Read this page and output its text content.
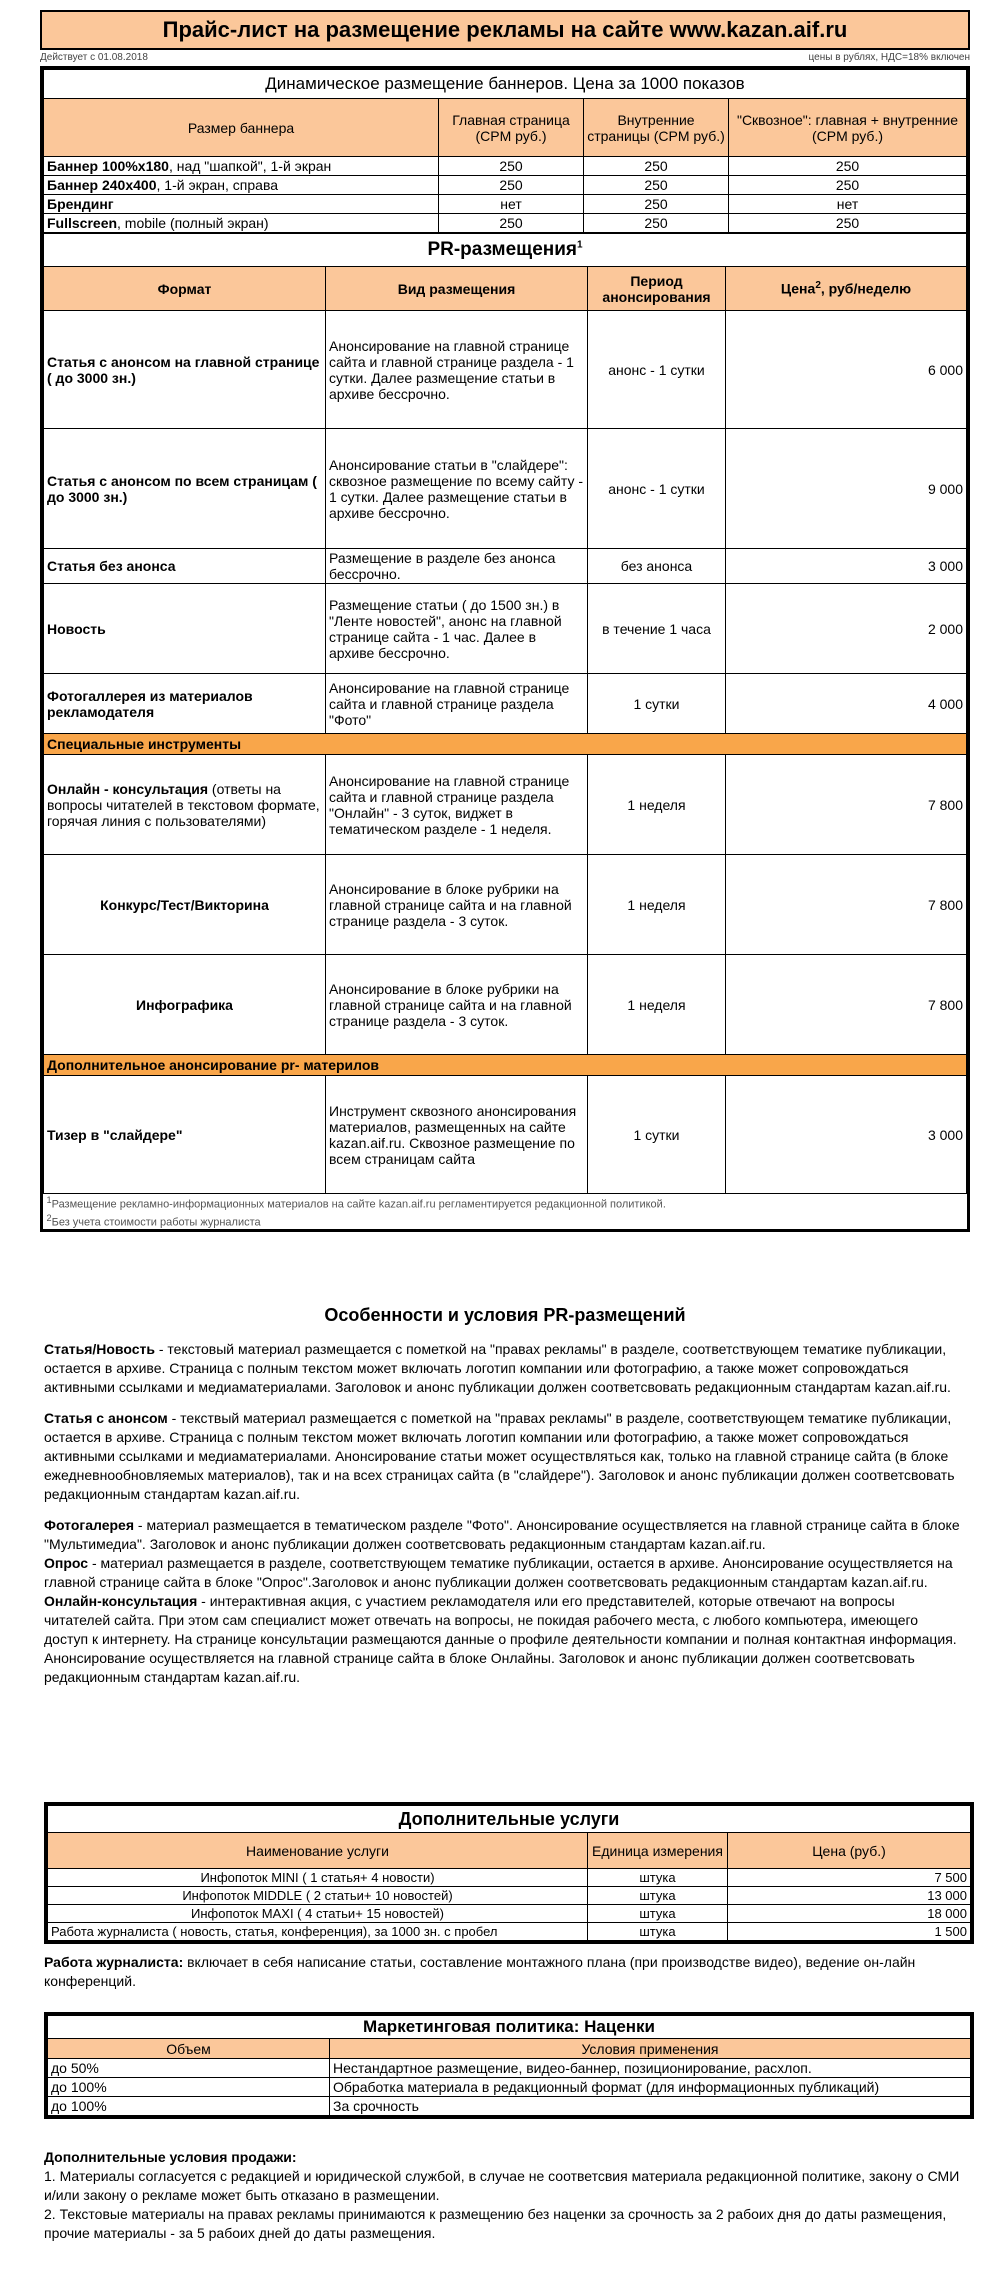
Прайс-лист на размещение рекламы на сайте www.kazan.aif.ru
Действует с 01.08.2018	цены в рублях, НДС=18% включен
Динамическое размещение баннеров. Цена за 1000 показов			
Размер баннера	Главная страница (CPM руб.)	Внутренние страницы (CPM руб.)	"Сквозное": главная + внутренние (CPM руб.)
Баннер 100%x180, над "шапкой", 1-й экран	250	250	250
Баннер 240x400, 1-й экран, справа	250	250	250
Брендинг	нет	250	нет
Fullscreen, mobile (полный экран)	250	250	250
PR-размещения$^1$
Формат	Вид размещения	Период анонсирования	Цена$^2$, руб/неделю
Статья с анонсом на главной странице ( до 3000 зн.)	Анонсирование на главной странице сайта и главной странице раздела - 1 сутки. Далее размещение статьи в архиве бессрочно.	анонс - 1 сутки	6 000
Статья с анонсом по всем страницам ( до 3000 зн.)	Анонсирование статьи в "слайдере": сквозное размещение по всему сайту - 1 сутки. Далее размещение статьи в архиве бессрочно.	анонс - 1 сутки	9 000
Статья без анонса	Размещение в разделе без анонса бессрочно.	без анонса	3 000
Новость	Размещение статьи ( до 1500 зн.) в "Ленте новостей", анонс на главной странице сайта - 1 час. Далее в архиве бессрочно.	в течение 1 часа	2 000
Фотогаллерея из материалов рекламодателя	Анонсирование на главной странице сайта и главной странице раздела "Фото"	1 сутки	4 000
Специальные инструменты			
Онлайн - консультация (ответы на вопросы читателей в текстовом формате, горячая линия с пользователями)	Анонсирование на главной странице сайта и главной странице раздела "Онлайн" - 3 суток, виджет в тематическом разделе - 1 неделя.	1 неделя	7 800
Конкурс/Тест/Викторина	Анонсирование в блоке рубрики на главной странице сайта и на главной странице раздела - 3 суток.	1 неделя	7 800
Инфографика	Анонсирование в блоке рубрики на главной странице сайта и на главной странице раздела - 3 суток.	1 неделя	7 800
Дополнительное анонсирование pr- материлов			
Тизер в "слайдере"	Инструмент сквозного анонсирования материалов, размещенных на сайте kazan.aif.ru. Сквозное размещение по всем страницам сайта	1 сутки	3 000
$^1$Размещение рекламно-информационных материалов на сайте kazan.aif.ru регламентируется редакционной политикой.			
$^2$Без учета стоимости работы журналиста			
Особенности и условия PR-размещений

Статья/Новость - текстовый материал размещается с пометкой на "правах рекламы" в разделе, соответствующем тематике публикации, остается в архиве. Страница с полным текстом может включать логотип компании или фотографию, а также может сопровождаться активными ссылками и медиаматериалами. Заголовок и анонс публикации должен соответсвовать редакционным стандартам kazan.aif.ru.

Статья с анонсом - текствый материал размещается с пометкой на "правах рекламы" в разделе, соответствующем тематике публикации, остается в архиве. Страница с полным текстом может включать логотип компании или фотографию, а также может сопровождаться активными ссылками и медиаматериалами. Анонсирование статьи может осуществляться как, только на главной странице сайта (в блоке ежедневнообновляемых материалов), так и на всех страницах сайта (в "слайдере"). Заголовок и анонс публикации должен соответсвовать редакционным стандартам kazan.aif.ru.

Фотогалерея - материал размещается в тематическом разделе "Фото". Анонсирование осуществляется на главной странице сайта в блоке "Мультимедиа". Заголовок и анонс публикации должен соответсвовать редакционным стандартам kazan.aif.ru.

Опрос - материал размещается в разделе, соответствующем тематике публикации, остается в архиве. Анонсирование осуществляется на главной странице сайта в блоке "Опрос".Заголовок и анонс публикации должен соответсвовать редакционным стандартам kazan.aif.ru.

Онлайн-консультация - интерактивная акция, с участием рекламодателя или его представителей, которые отвечают на вопросы читателей сайта. При этом сам специалист может отвечать на вопросы, не покидая рабочего места, с любого компьютера, имеющего доступ к интернету. На странице консультации размещаются данные о профиле деятельности компании и полная контактная информация. Анонсирование осуществляется на главной странице сайта в блоке Онлайны. Заголовок и анонс публикации должен соответсвовать редакционным стандартам kazan.aif.ru.

Дополнительные услуги		
Наименование услуги	Единица измерения	Цена (руб.)
Инфопоток MINI ( 1 статья+ 4 новости)	штука	7 500
Инфопоток MIDDLE ( 2 статьи+ 10 новостей)	штука	13 000
Инфопоток MAXI ( 4 статьи+ 15 новостей)	штука	18 000
Работа журналиста ( новость, статья, конференция), за 1000 зн. с пробел	штука	1 500
Работа журналиста: включает в себя написание статьи, составление монтажного плана (при производстве видео), ведение он-лайн конференций.
Маркетинговая политика: Наценки	
Объем	Условия применения
до 50%	Нестандартное размещение, видео-баннер, позиционирование, расхлоп.
до 100%	Обработка материала в редакционный формат (для информационных публикаций)
до 100%	За срочность
Дополнительные условия продажи:
1. Материалы согласуется с редакцией и юридической службой, в случае не соответсвия материала редакционной политике, закону о СМИ и/или закону о рекламе может быть отказано в размещении.
2. Текстовые материалы на правах рекламы принимаются к размещению без наценки за срочность за 2 рабоих дня до даты размещения, прочие материалы - за 5 рабоих дней до даты размещения.
